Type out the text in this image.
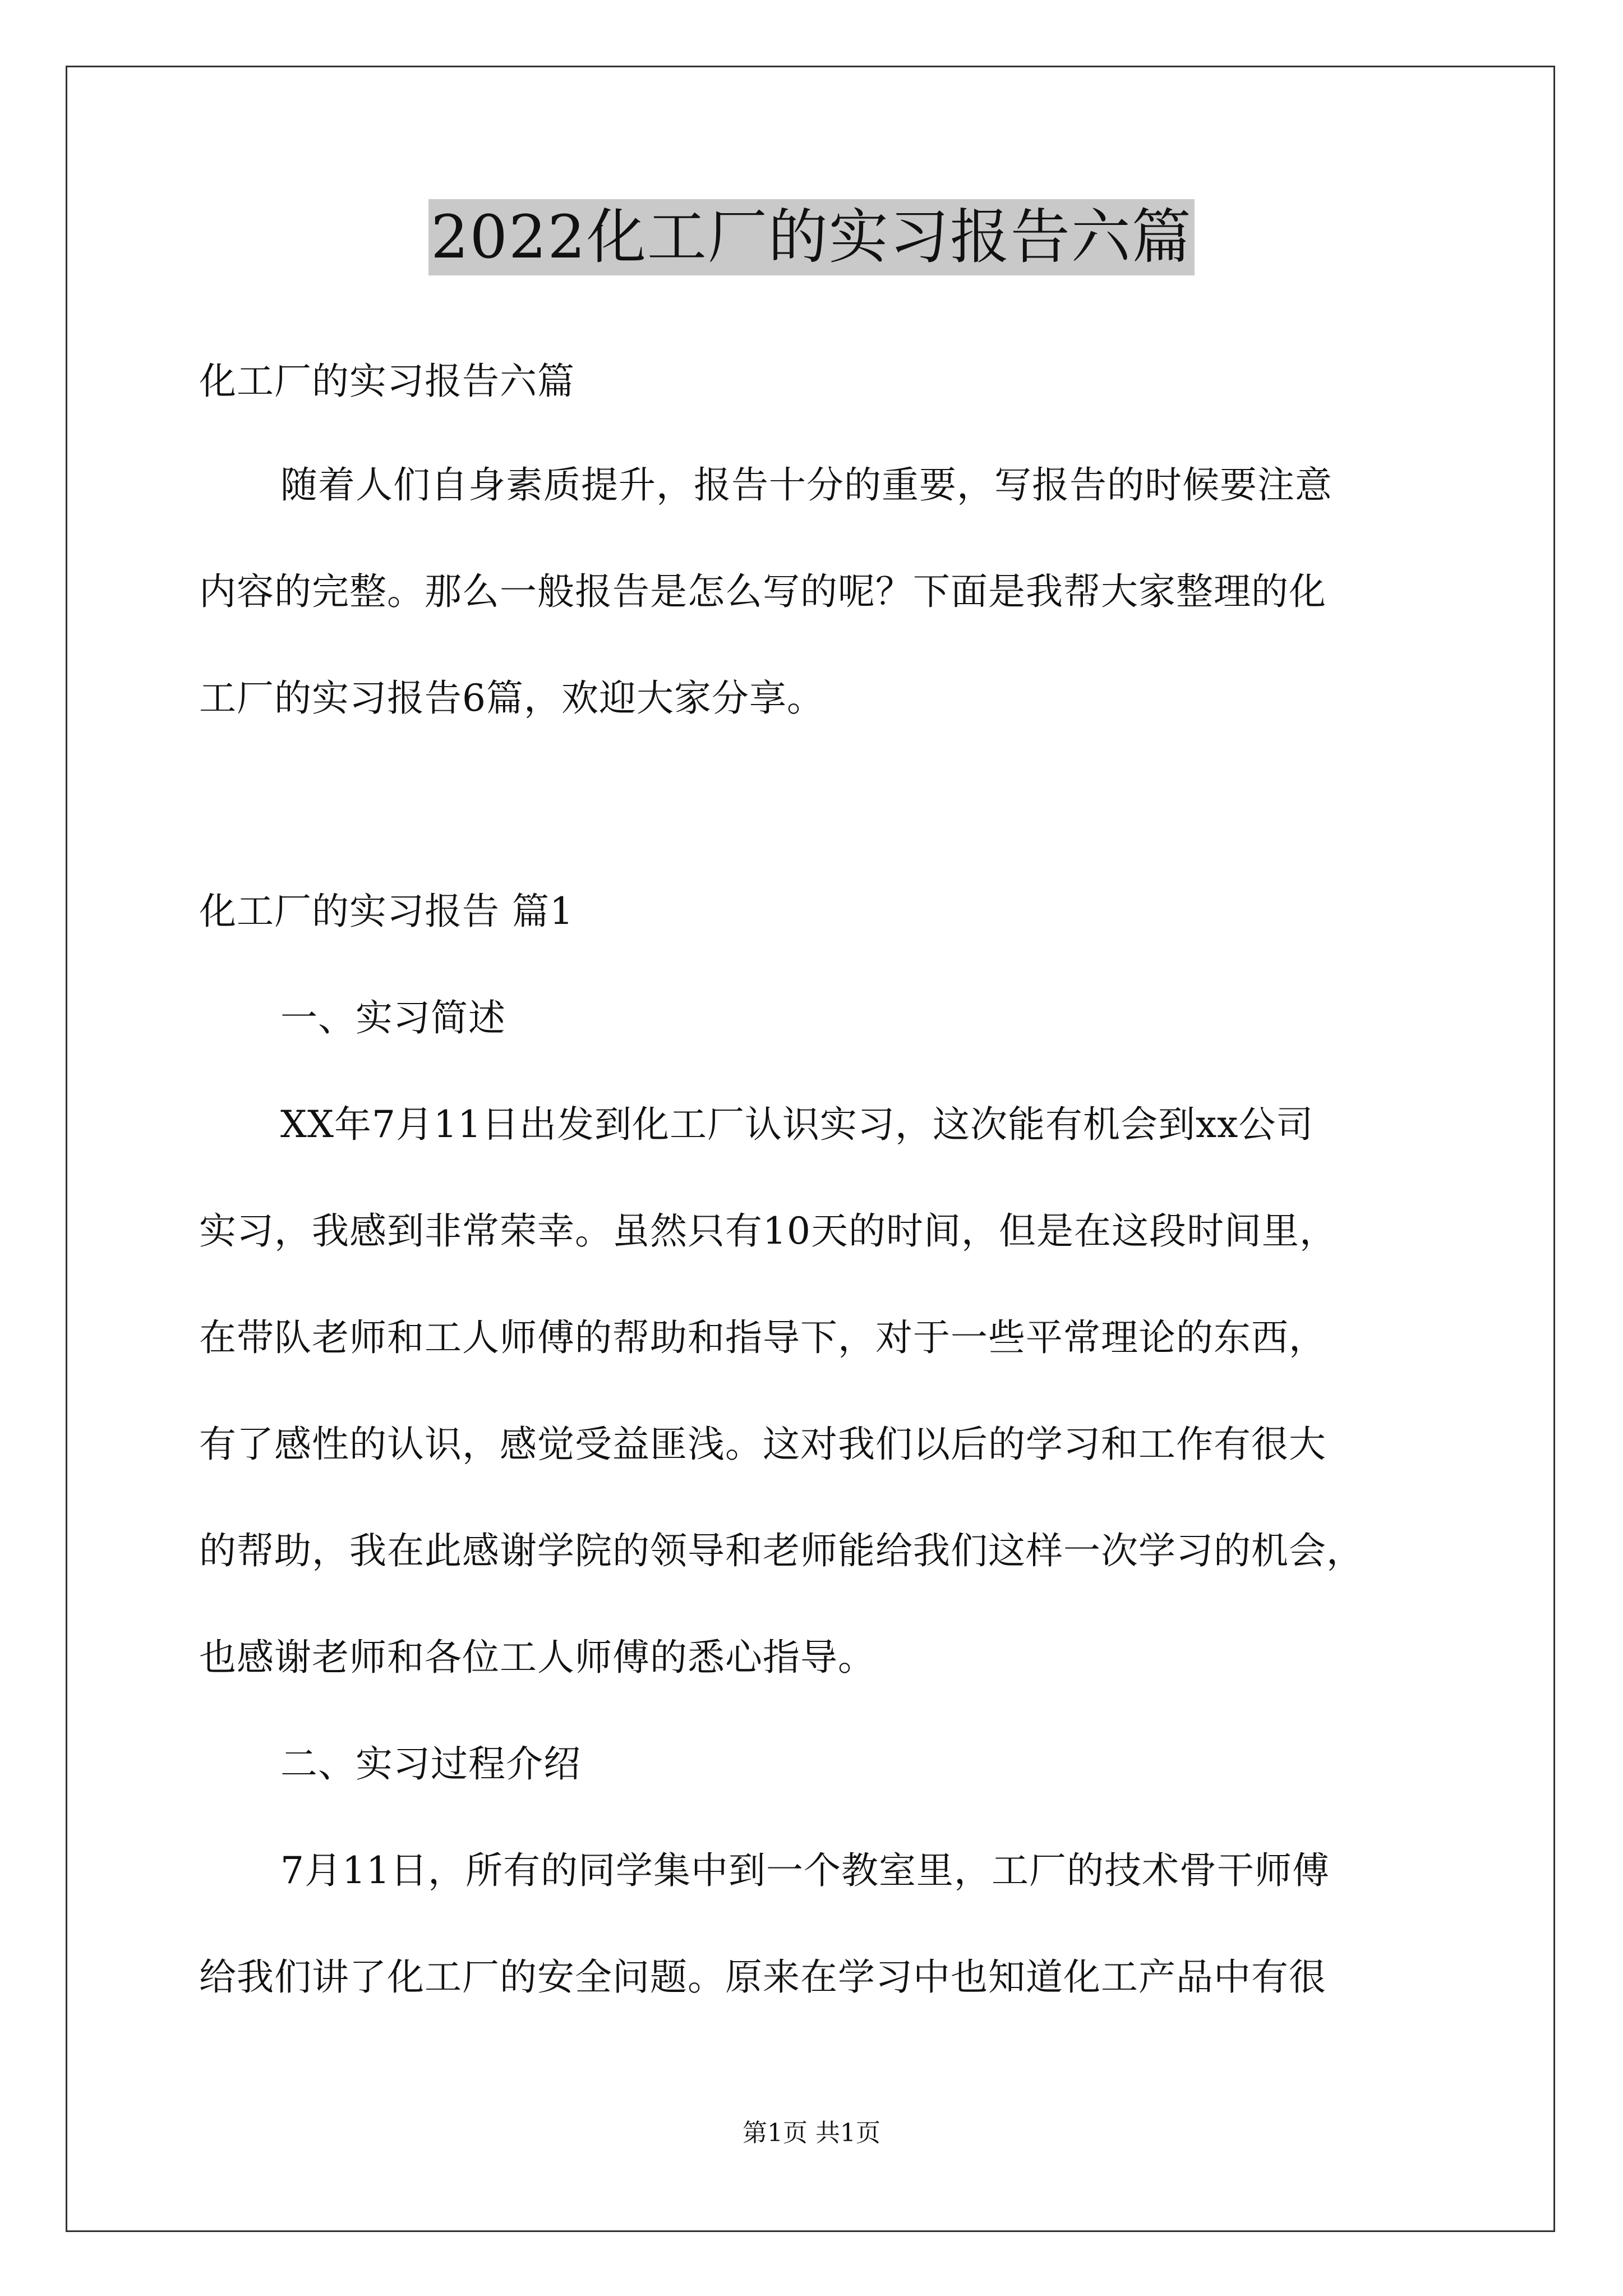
2022化工厂的实习报告六篇
化工厂的实习报告六篇
随着人们自身素质提升，报告十分的重要，写报告的时候要注意
内容的完整。那么一般报告是怎么写的呢？下面是我帮大家整理的化
工厂的实习报告6篇，欢迎大家分享。
化工厂的实习报告 篇1
一、实习简述
XX年7月11日出发到化工厂认识实习，这次能有机会到xx公司
实习，我感到非常荣幸。虽然只有10天的时间，但是在这段时间里，
在带队老师和工人师傅的帮助和指导下，对于一些平常理论的东西，
有了感性的认识，感觉受益匪浅。这对我们以后的学习和工作有很大
的帮助，我在此感谢学院的领导和老师能给我们这样一次学习的机会，
也感谢老师和各位工人师傅的悉心指导。
二、实习过程介绍
7月11日，所有的同学集中到一个教室里，工厂的技术骨干师傅
给我们讲了化工厂的安全问题。原来在学习中也知道化工产品中有很
第1页 共1页
